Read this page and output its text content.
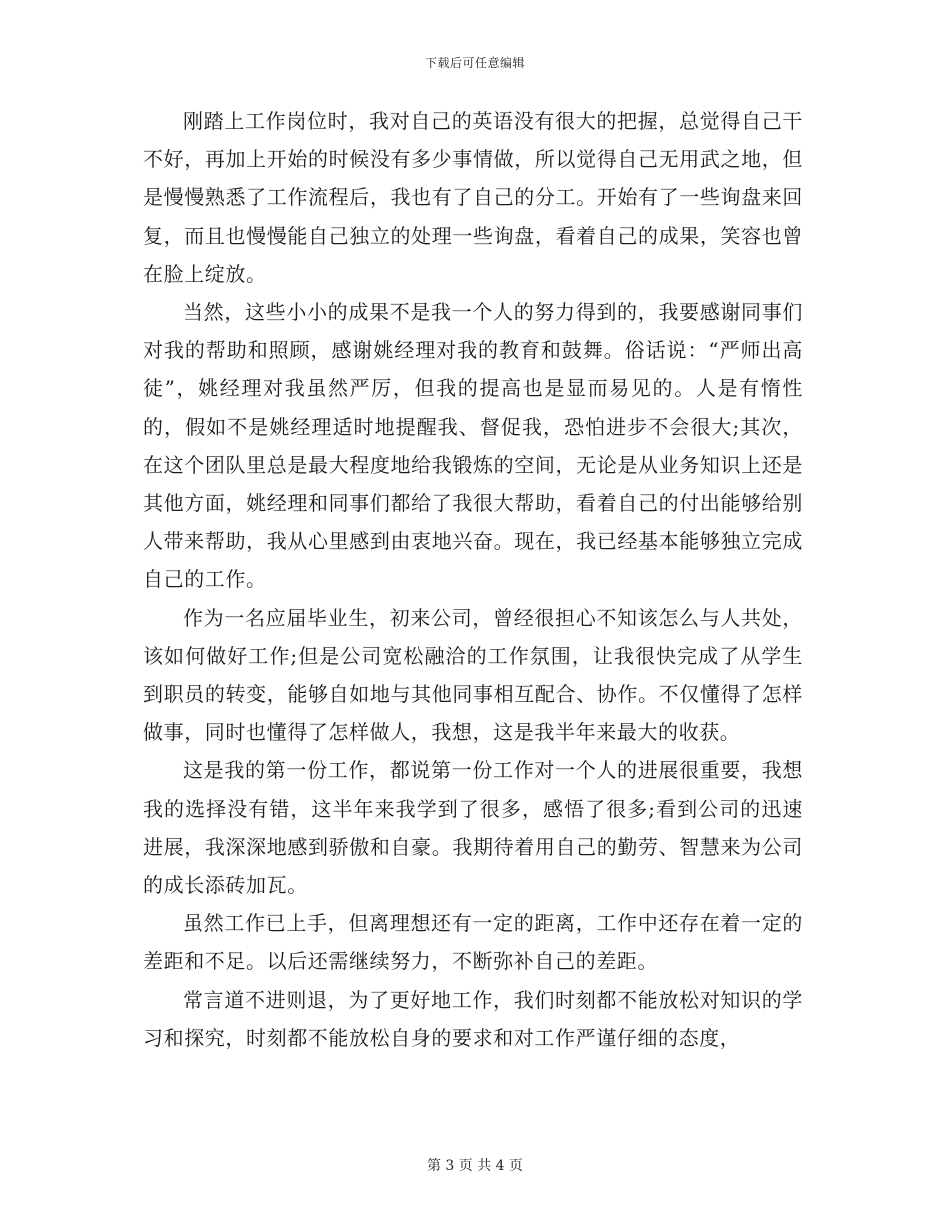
下载后可任意编辑

刚踏上工作岗位时，我对自己的英语没有很大的把握，总觉得自己干不好，再加上开始的时候没有多少事情做，所以觉得自己无用武之地，但是慢慢熟悉了工作流程后，我也有了自己的分工。开始有了一些询盘来回复，而且也慢慢能自己独立的处理一些询盘，看着自己的成果，笑容也曾在脸上绽放。

当然，这些小小的成果不是我一个人的努力得到的，我要感谢同事们对我的帮助和照顾，感谢姚经理对我的教育和鼓舞。俗话说：“严师出高徒”，姚经理对我虽然严厉，但我的提高也是显而易见的。人是有惰性的，假如不是姚经理适时地提醒我、督促我，恐怕进步不会很大;其次，在这个团队里总是最大程度地给我锻炼的空间，无论是从业务知识上还是其他方面，姚经理和同事们都给了我很大帮助，看着自己的付出能够给别人带来帮助，我从心里感到由衷地兴奋。现在，我已经基本能够独立完成自己的工作。

作为一名应届毕业生，初来公司，曾经很担心不知该怎么与人共处，该如何做好工作;但是公司宽松融洽的工作氛围，让我很快完成了从学生到职员的转变，能够自如地与其他同事相互配合、协作。不仅懂得了怎样做事，同时也懂得了怎样做人，我想，这是我半年来最大的收获。

这是我的第一份工作，都说第一份工作对一个人的进展很重要，我想我的选择没有错，这半年来我学到了很多，感悟了很多;看到公司的迅速进展，我深深地感到骄傲和自豪。我期待着用自己的勤劳、智慧来为公司的成长添砖加瓦。

虽然工作已上手，但离理想还有一定的距离，工作中还存在着一定的差距和不足。以后还需继续努力，不断弥补自己的差距。

常言道不进则退，为了更好地工作，我们时刻都不能放松对知识的学习和探究，时刻都不能放松自身的要求和对工作严谨仔细的态度，

第 3 页 共 4 页
